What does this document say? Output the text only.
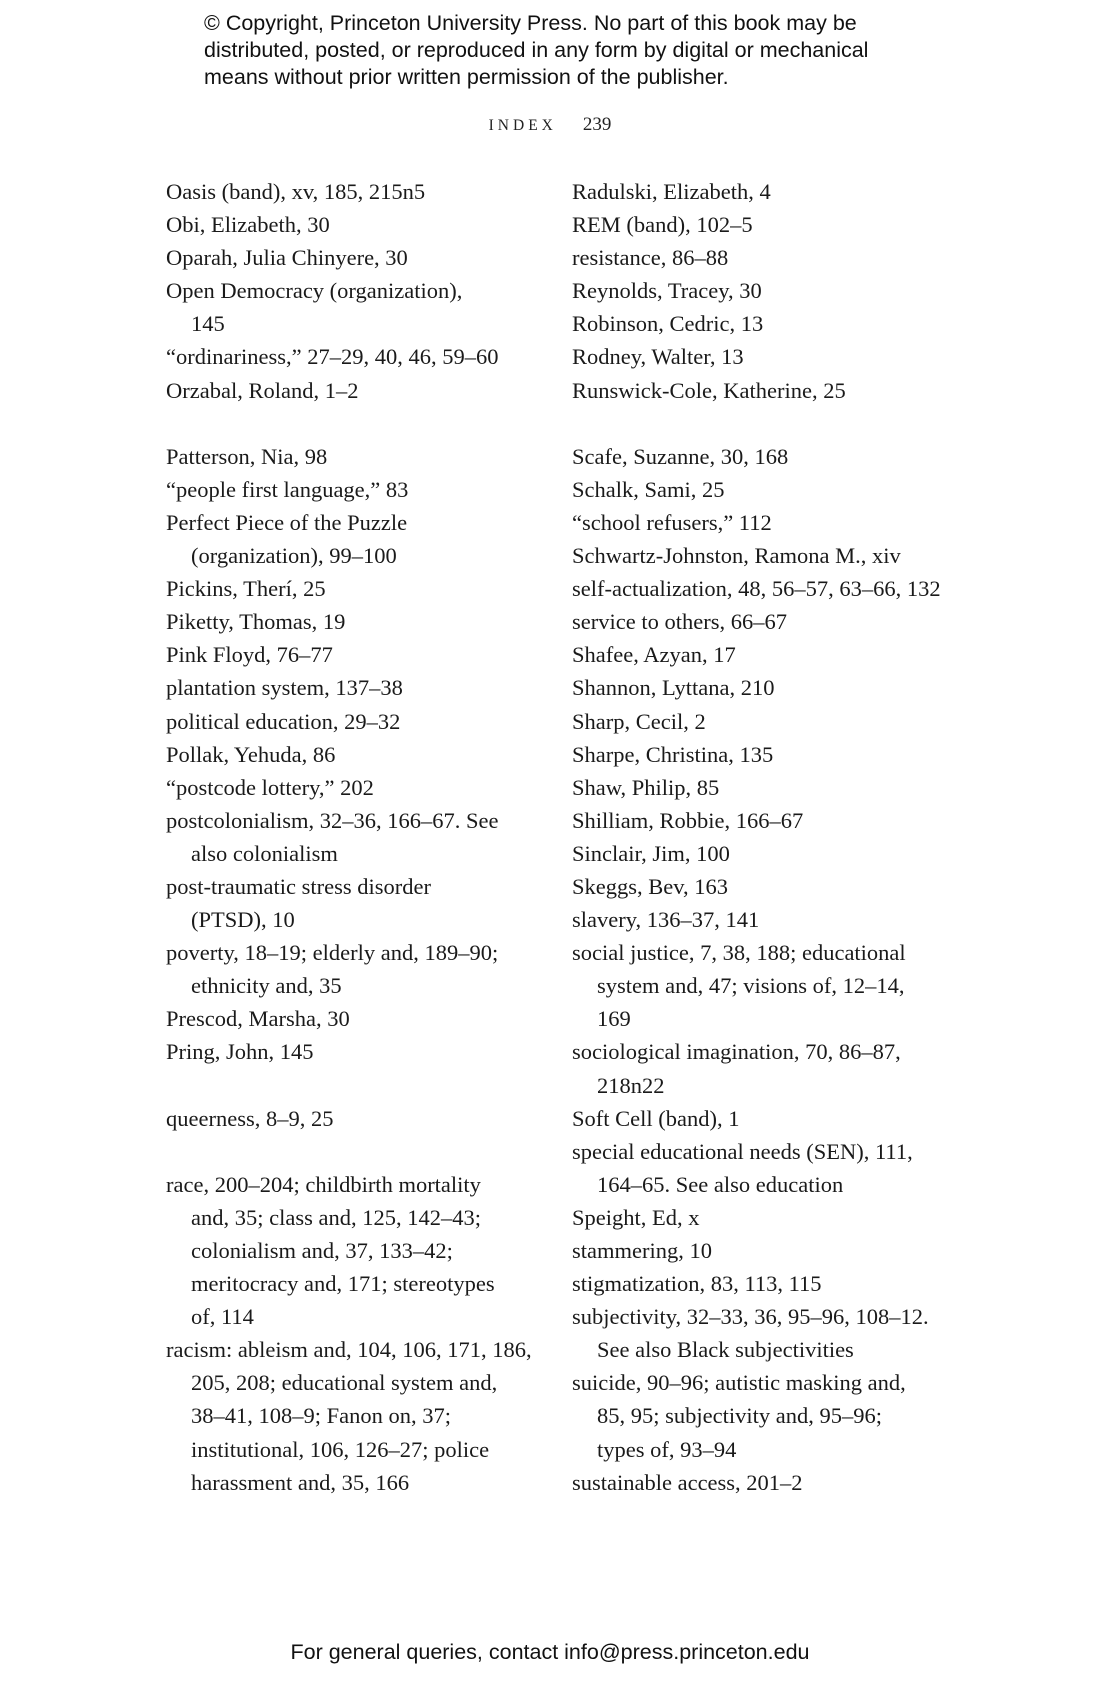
© Copyright, Princeton University Press. No part of this book may be
distributed, posted, or reproduced in any form by digital or mechanical
means without prior written permission of the publisher.
INDEX 239

Oasis (band), xv, 185, 215n5

Obi, Elizabeth, 30

Oparah, Julia Chinyere, 30

Open Democracy (organization),
145

“ordinariness,” 27–29, 40, 46, 59–60

Orzabal, Roland, 1–2

Patterson, Nia, 98

“people first language,” 83

Perfect Piece of the Puzzle
(organization), 99–100

Pickins, Therí, 25

Piketty, Thomas, 19

Pink Floyd, 76–77

plantation system, 137–38

political education, 29–32

Pollak, Yehuda, 86

“postcode lottery,” 202

postcolonialism, 32–36, 166–67. See
also colonialism

post-traumatic stress disorder
(PTSD), 10

poverty, 18–19; elderly and, 189–90;
ethnicity and, 35

Prescod, Marsha, 30

Pring, John, 145

queerness, 8–9, 25

race, 200–204; childbirth mortality
and, 35; class and, 125, 142–43;
colonialism and, 37, 133–42;
meritocracy and, 171; stereotypes
of, 114

racism: ableism and, 104, 106, 171, 186,
205, 208; educational system and,
38–41, 108–9; Fanon on, 37;
institutional, 106, 126–27; police
harassment and, 35, 166

Radulski, Elizabeth, 4

REM (band), 102–5

resistance, 86–88

Reynolds, Tracey, 30

Robinson, Cedric, 13

Rodney, Walter, 13

Runswick-Cole, Katherine, 25

Scafe, Suzanne, 30, 168

Schalk, Sami, 25

“school refusers,” 112

Schwartz-Johnston, Ramona M., xiv

self-actualization, 48, 56–57, 63–66, 132

service to others, 66–67

Shafee, Azyan, 17

Shannon, Lyttana, 210

Sharp, Cecil, 2

Sharpe, Christina, 135

Shaw, Philip, 85

Shilliam, Robbie, 166–67

Sinclair, Jim, 100

Skeggs, Bev, 163

slavery, 136–37, 141

social justice, 7, 38, 188; educational
system and, 47; visions of, 12–14,
169

sociological imagination, 70, 86–87,
218n22

Soft Cell (band), 1

special educational needs (SEN), 111,
164–65. See also education

Speight, Ed, x

stammering, 10

stigmatization, 83, 113, 115

subjectivity, 32–33, 36, 95–96, 108–12.
See also Black subjectivities

suicide, 90–96; autistic masking and,
85, 95; subjectivity and, 95–96;
types of, 93–94

sustainable access, 201–2

For general queries, contact info@press.princeton.edu
